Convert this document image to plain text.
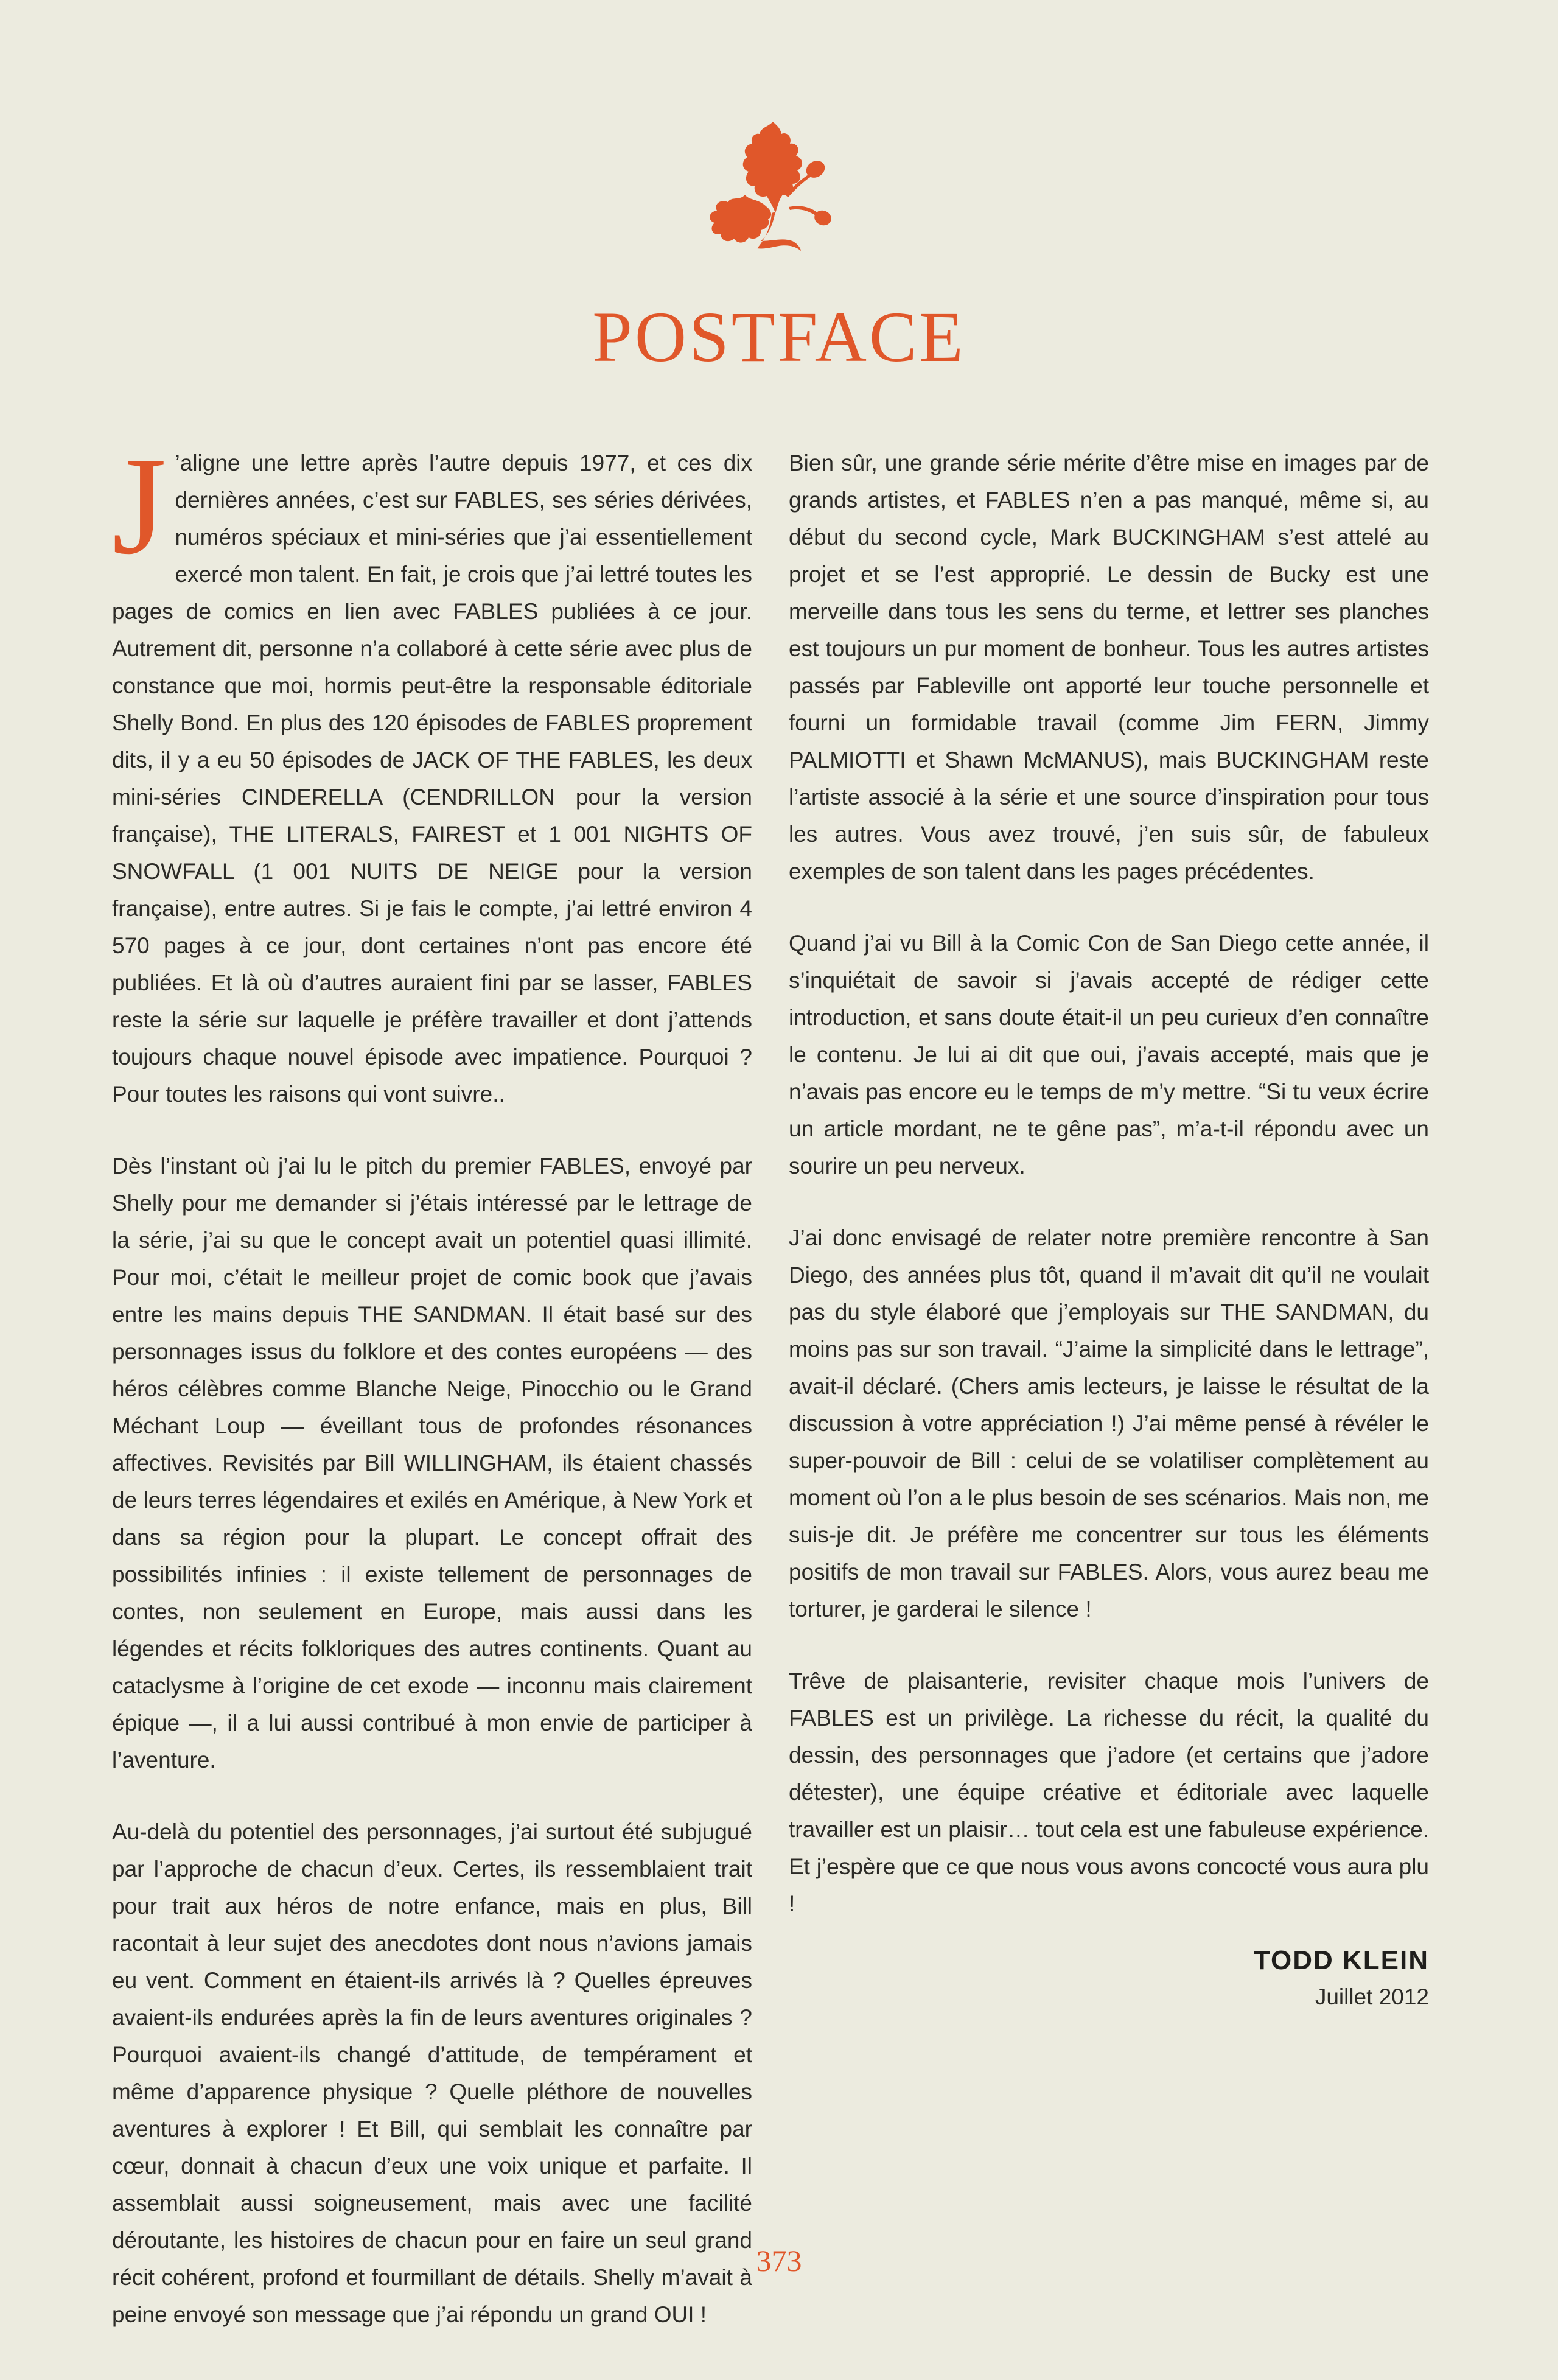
POSTFACE

J ’aligne une lettre après l’autre depuis 1977, et ces dix dernières années, c’est sur FABLES, ses séries dérivées, numéros spéciaux et mini-séries que j’ai essentiellement exercé mon talent. En fait, je crois que j’ai lettré toutes les pages de comics en lien avec FABLES publiées à ce jour. Autrement dit, personne n’a collaboré à cette série avec plus de constance que moi, hormis peut-être la responsable éditoriale Shelly Bond. En plus des 120 épisodes de FABLES proprement dits, il y a eu 50 épisodes de JACK OF THE FABLES, les deux mini-séries CINDERELLA (CENDRILLON pour la version française), THE LITERALS, FAIREST et 1 001 NIGHTS OF SNOWFALL (1 001 NUITS DE NEIGE pour la version française), entre autres. Si je fais le compte, j’ai lettré environ 4 570 pages à ce jour, dont certaines n’ont pas encore été publiées. Et là où d’autres auraient fini par se lasser, FABLES reste la série sur laquelle je préfère travailler et dont j’attends toujours chaque nouvel épisode avec impatience. Pourquoi ? Pour toutes les raisons qui vont suivre..

Dès l’instant où j’ai lu le pitch du premier FABLES, envoyé par Shelly pour me demander si j’étais intéressé par le lettrage de la série, j’ai su que le concept avait un potentiel quasi illimité. Pour moi, c’était le meilleur projet de comic book que j’avais entre les mains depuis THE SANDMAN. Il était basé sur des personnages issus du folklore et des contes européens — des héros célèbres comme Blanche Neige, Pinocchio ou le Grand Méchant Loup — éveillant tous de profondes résonances affectives. Revisités par Bill WILLINGHAM, ils étaient chassés de leurs terres légendaires et exilés en Amérique, à New York et dans sa région pour la plupart. Le concept offrait des possibilités infinies : il existe tellement de personnages de contes, non seulement en Europe, mais aussi dans les légendes et récits folkloriques des autres continents. Quant au cataclysme à l’origine de cet exode — inconnu mais clairement épique —, il a lui aussi contribué à mon envie de participer à l’aventure.

Au-delà du potentiel des personnages, j’ai surtout été subjugué par l’approche de chacun d’eux. Certes, ils ressemblaient trait pour trait aux héros de notre enfance, mais en plus, Bill racontait à leur sujet des anecdotes dont nous n’avions jamais eu vent. Comment en étaient-ils arrivés là ? Quelles épreuves avaient-ils endurées après la fin de leurs aventures originales ? Pourquoi avaient-ils changé d’attitude, de tempérament et même d’apparence physique ? Quelle pléthore de nouvelles aventures à explorer ! Et Bill, qui semblait les connaître par cœur, donnait à chacun d’eux une voix unique et parfaite. Il assemblait aussi soigneusement, mais avec une facilité déroutante, les histoires de chacun pour en faire un seul grand récit cohérent, profond et fourmillant de détails. Shelly m’avait à peine envoyé son message que j’ai répondu un grand OUI !

Bien sûr, une grande série mérite d’être mise en images par de grands artistes, et FABLES n’en a pas manqué, même si, au début du second cycle, Mark BUCKINGHAM s’est attelé au projet et se l’est approprié. Le dessin de Bucky est une merveille dans tous les sens du terme, et lettrer ses planches est toujours un pur moment de bonheur. Tous les autres artistes passés par Fableville ont apporté leur touche personnelle et fourni un formidable travail (comme Jim FERN, Jimmy PALMIOTTI et Shawn McMANUS), mais BUCKINGHAM reste l’artiste associé à la série et une source d’inspiration pour tous les autres. Vous avez trouvé, j’en suis sûr, de fabuleux exemples de son talent dans les pages précédentes.

Quand j’ai vu Bill à la Comic Con de San Diego cette année, il s’inquiétait de savoir si j’avais accepté de rédiger cette introduction, et sans doute était-il un peu curieux d’en connaître le contenu. Je lui ai dit que oui, j’avais accepté, mais que je n’avais pas encore eu le temps de m’y mettre. “Si tu veux écrire un article mordant, ne te gêne pas”, m’a-t-il répondu avec un sourire un peu nerveux.

J’ai donc envisagé de relater notre première rencontre à San Diego, des années plus tôt, quand il m’avait dit qu’il ne voulait pas du style élaboré que j’employais sur THE SANDMAN, du moins pas sur son travail. “J’aime la simplicité dans le lettrage”, avait-il déclaré. (Chers amis lecteurs, je laisse le résultat de la discussion à votre appréciation !) J’ai même pensé à révéler le super-pouvoir de Bill : celui de se volatiliser complètement au moment où l’on a le plus besoin de ses scénarios. Mais non, me suis-je dit. Je préfère me concentrer sur tous les éléments positifs de mon travail sur FABLES. Alors, vous aurez beau me torturer, je garderai le silence !

Trêve de plaisanterie, revisiter chaque mois l’univers de FABLES est un privilège. La richesse du récit, la qualité du dessin, des personnages que j’adore (et certains que j’adore détester), une équipe créative et éditoriale avec laquelle travailler est un plaisir… tout cela est une fabuleuse expérience. Et j’espère que ce que nous vous avons concocté vous aura plu !

TODD KLEIN
Juillet 2012
373
